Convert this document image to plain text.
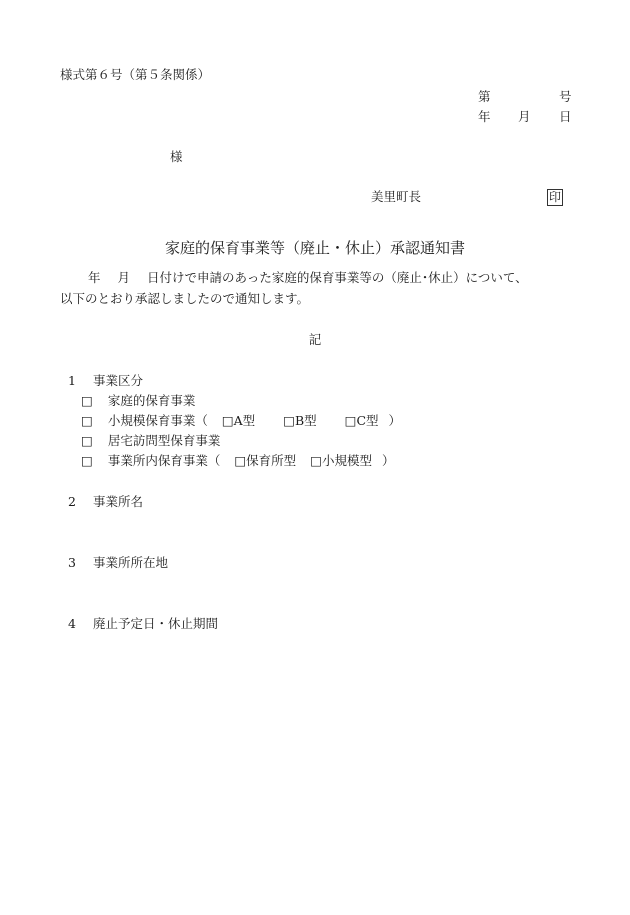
様式第６号（第５条関係）
第	号
年 月 日
様
美里町長	印
家庭的保育事業等（廃止・休止）承認通知書
年 月 日付けで申請のあった家庭的保育事業等の（廃止･休止）について、
以下のとおり承認しましたので通知します。
記
1 事業区分
□ 家庭的保育事業
□ 小規模保育事業（ □A型 □B型 □C型 ）
□ 居宅訪問型保育事業
□ 事業所内保育事業（ □保育所型 □小規模型 ）
2 事業所名
3 事業所所在地
4 廃止予定日・休止期間
